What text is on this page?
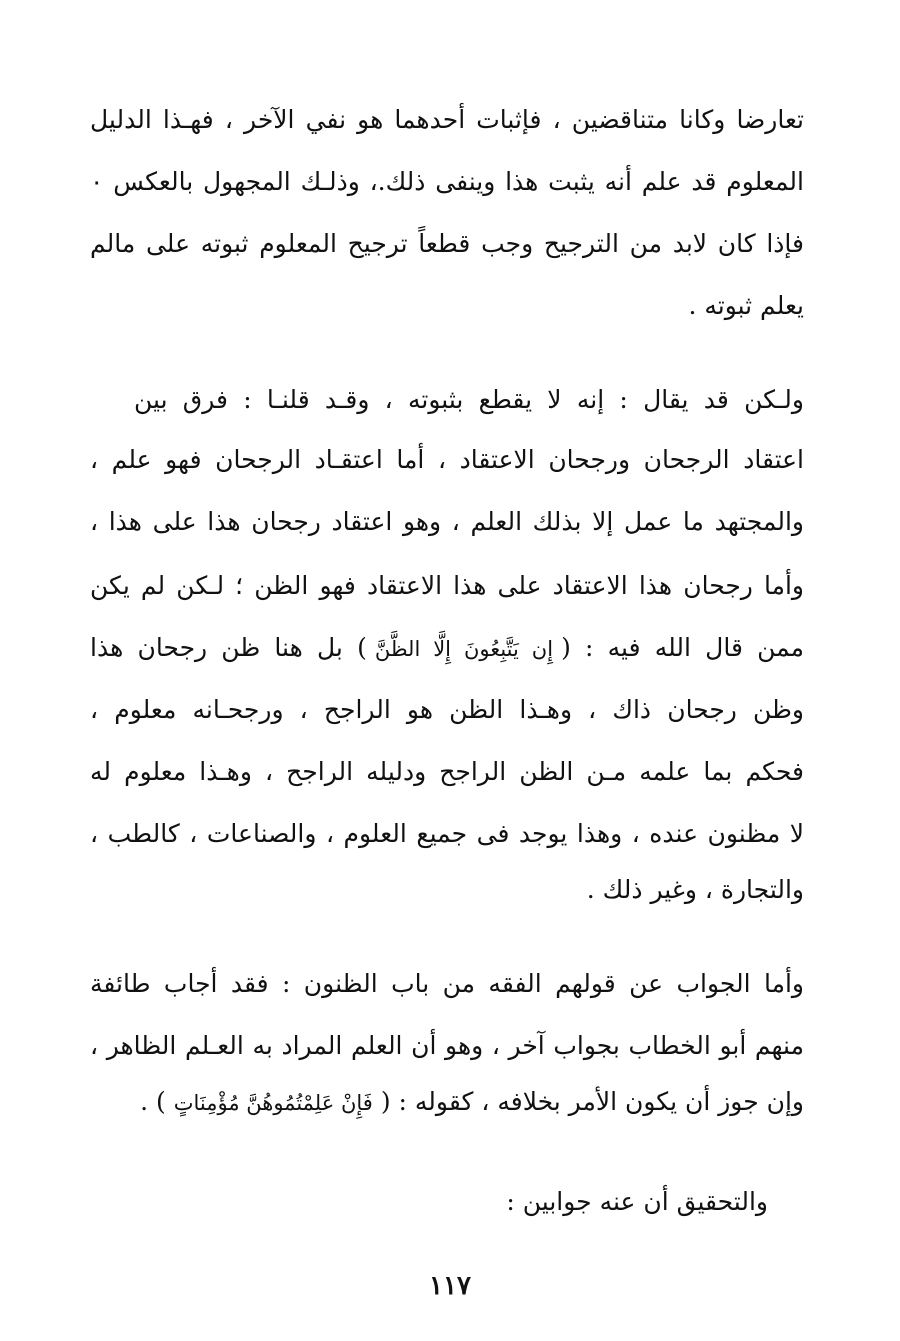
تعارضا وكانا متناقضين ، فإثبات أحدهما هو نفي الآخر ، فهـذا الدليل
المعلوم قد علم أنه يثبت هذا وينفى ذلك.، وذلـك المجهول بالعكس ٠
فإذا كان لابد من الترجيح وجب قطعاً ترجيح المعلوم ثبوته على مالم
يعلم ثبوته .
ولـكن قد يقال : إنه لا يقطع بثبوته ، وقـد قلنـا : فرق بين
اعتقاد الرجحان ورجحان الاعتقاد ، أما اعتقـاد الرجحان فهو علم ،
والمجتهد ما عمل إلا بذلك العلم ، وهو اعتقاد رجحان هذا على هذا ،
وأما رجحان هذا الاعتقاد على هذا الاعتقاد فهو الظن ؛ لـكن لم يكن
ممن قال الله فيه : (إِن يَتَّبِعُونَ إِلَّا الظَّنَّ) بل هنا ظن رجحان هذا
وظن رجحان ذاك ، وهـذا الظن هو الراجح ، ورجحـانه معلوم ،
فحكم بما علمه مـن الظن الراجح ودليله الراجح ، وهـذا معلوم له
لا مظنون عنده ، وهذا يوجد فى جميع العلوم ، والصناعات ، كالطب ،
والتجارة ، وغير ذلك .
وأما الجواب عن قولهم الفقه من باب الظنون : فقد أجاب طائفة
منهم أبو الخطاب بجواب آخر ، وهو أن العلم المراد به العـلم الظاهر ،
وإن جوز أن يكون الأمر بخلافه ، كقوله : (فَإِنْ عَلِمْتُمُوهُنَّ مُؤْمِنَاتٍ) .
والتحقيق أن عنه جوابين :
١١٧
